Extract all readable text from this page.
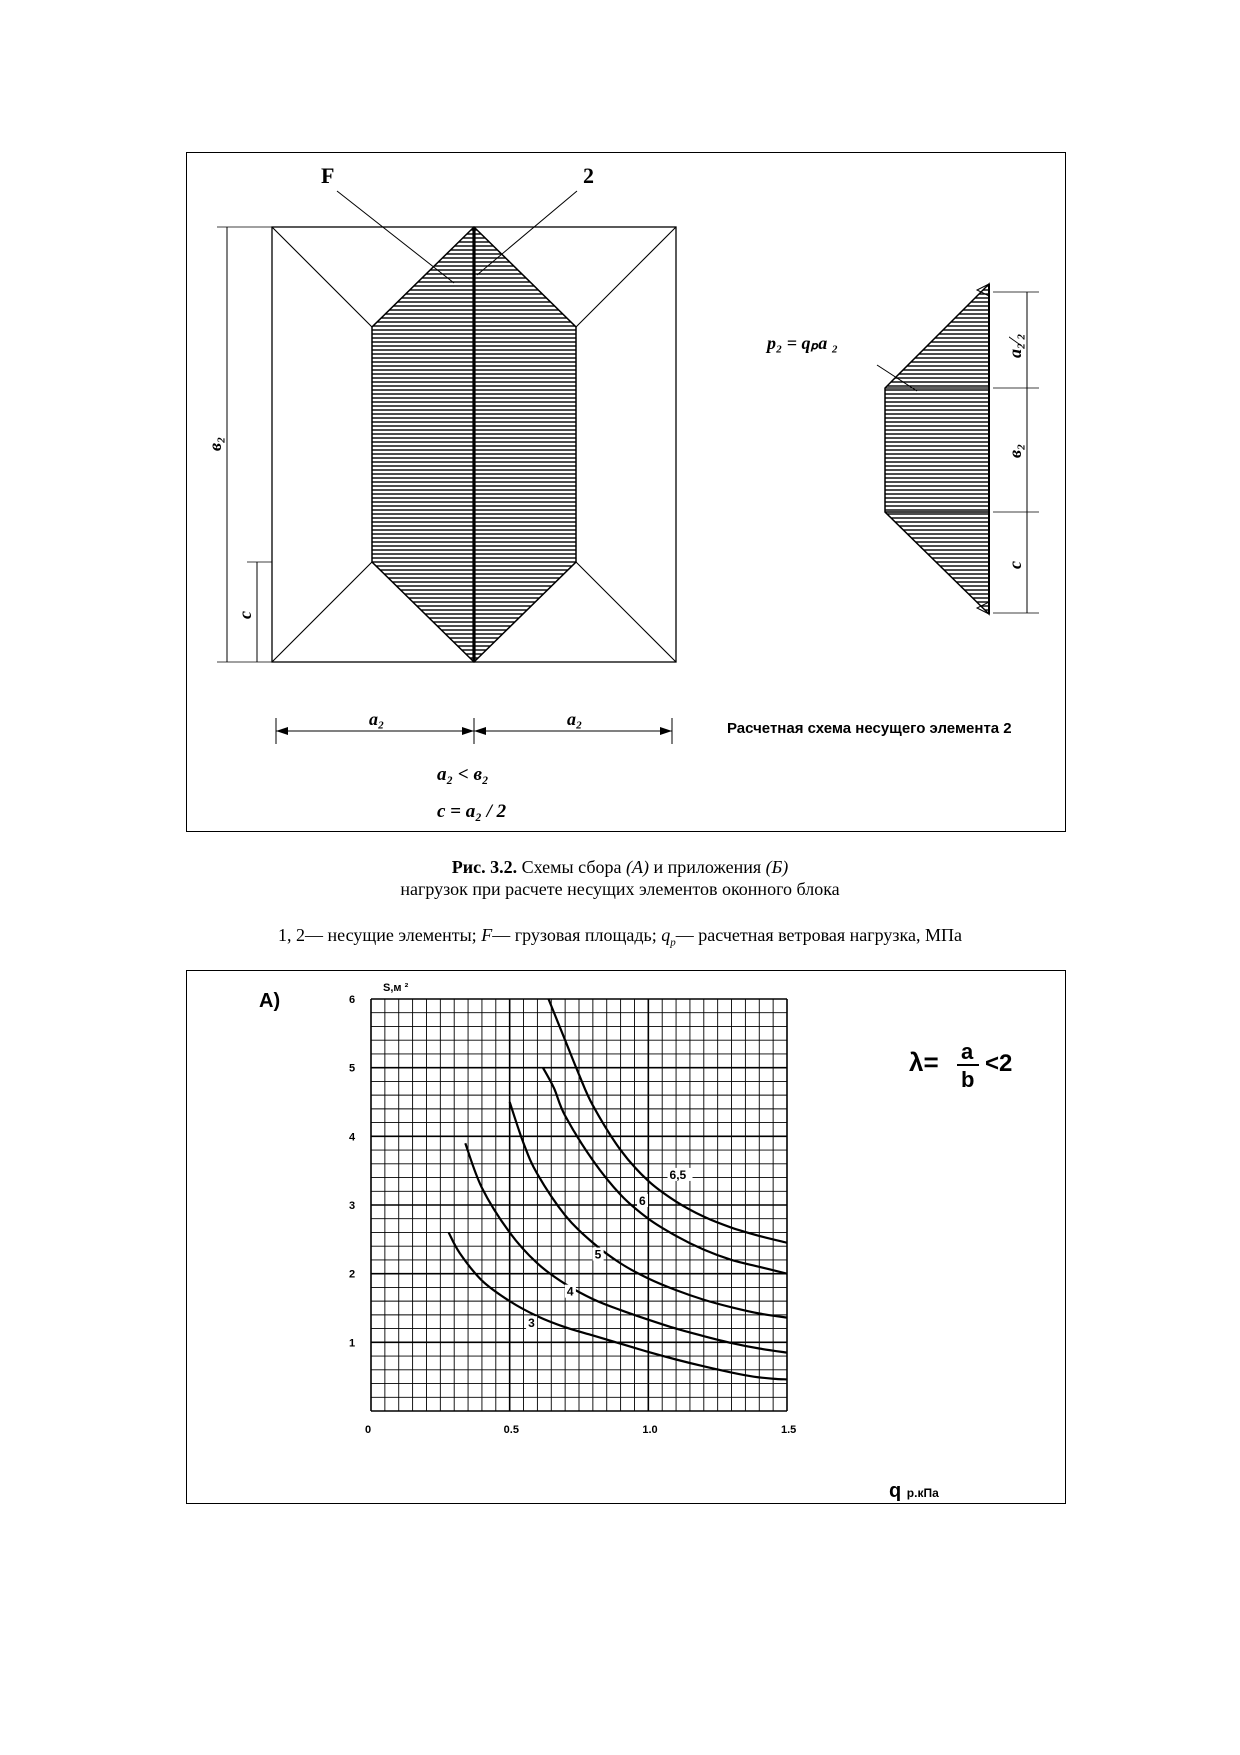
F	2
в₂
c
a₂	a₂
a₂ < в₂
c = a₂ / 2
p₂ = qₚa ₂	a₂⁄₂
в₂
c
Расчетная схема несущего элемента 2
Рис. 3.2. Схемы сбора (А) и приложения (Б)
нагрузок при расчете несущих элементов оконного блока
1, 2— несущие элементы; F— грузовая площадь; $q_р—$ расчетная ветровая нагрузка, МПа
0	0.5	1.0	1.5
1
2
3
4
5
6
3
4
5
6
6,5
А)
S,м ²
q р.кПа
λ= a
b
<2
